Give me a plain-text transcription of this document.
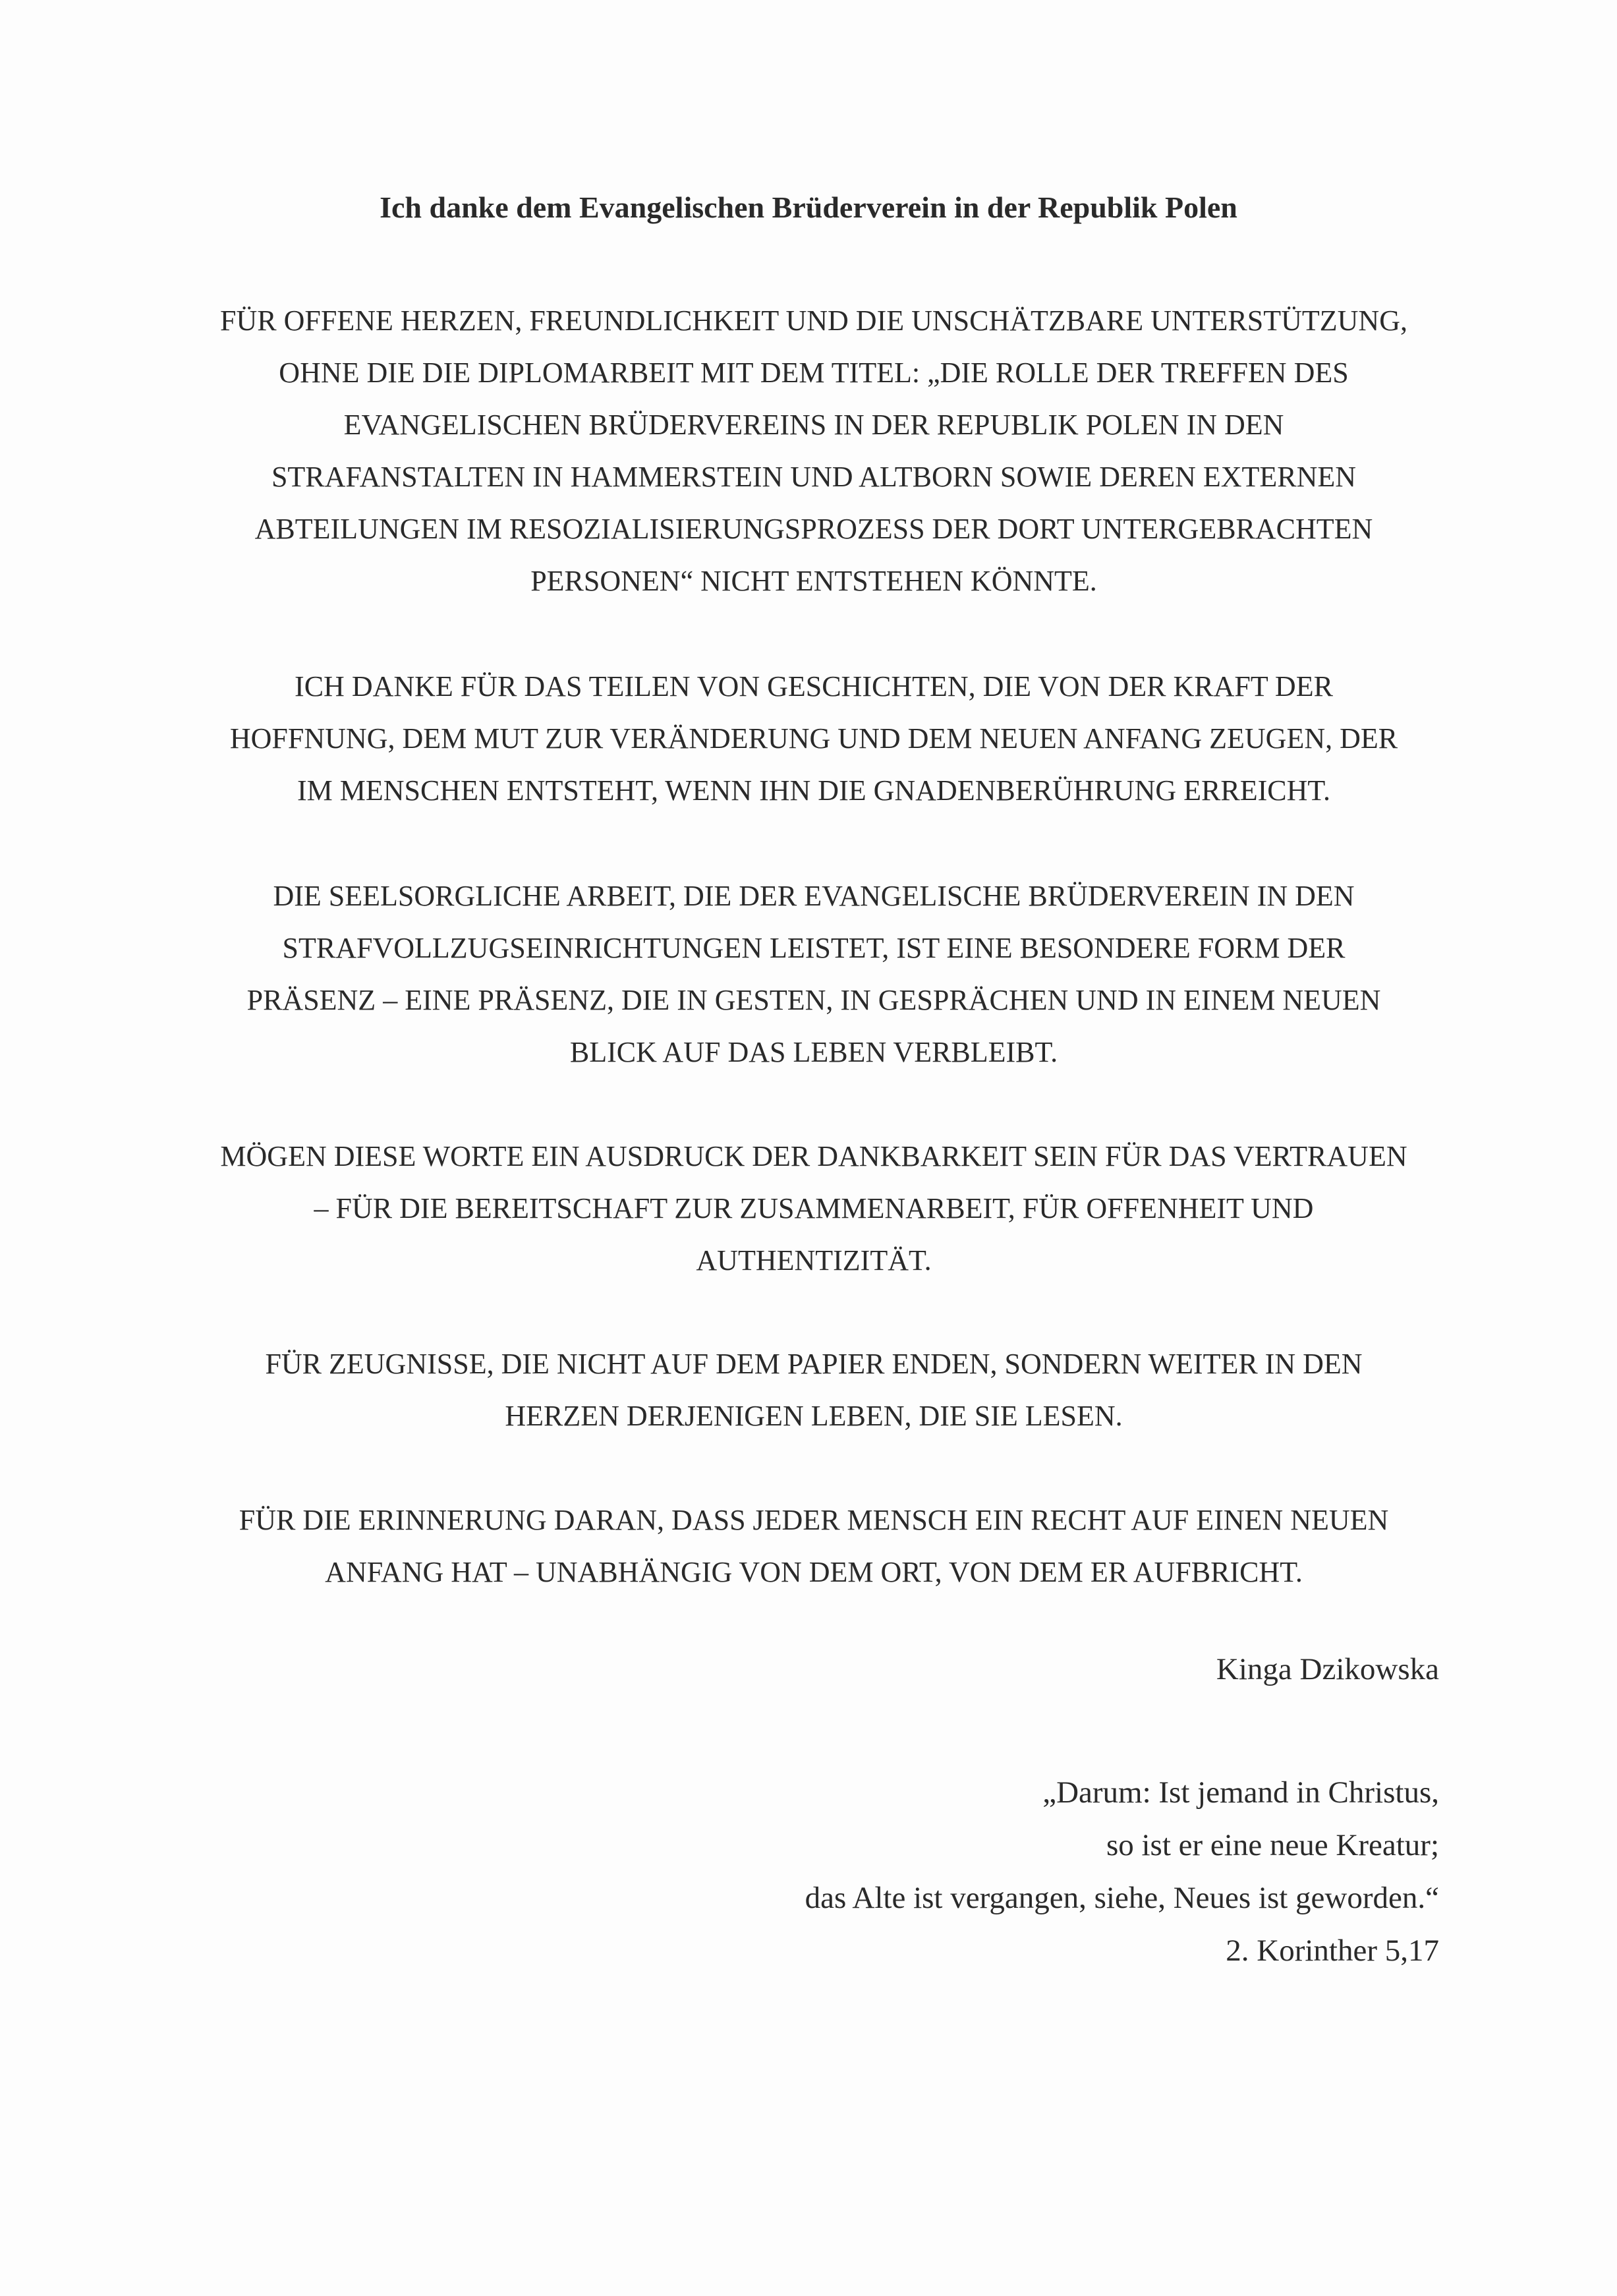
Ich danke dem Evangelischen Brüderverein in der Republik Polen

FÜR OFFENE HERZEN, FREUNDLICHKEIT UND DIE UNSCHÄTZBARE UNTERSTÜTZUNG,
OHNE DIE DIE DIPLOMARBEIT MIT DEM TITEL: „DIE ROLLE DER TREFFEN DES
EVANGELISCHEN BRÜDERVEREINS IN DER REPUBLIK POLEN IN DEN
STRAFANSTALTEN IN HAMMERSTEIN UND ALTBORN SOWIE DEREN EXTERNEN
ABTEILUNGEN IM RESOZIALISIERUNGSPROZESS DER DORT UNTERGEBRACHTEN
PERSONEN“ NICHT ENTSTEHEN KÖNNTE.

ICH DANKE FÜR DAS TEILEN VON GESCHICHTEN, DIE VON DER KRAFT DER
HOFFNUNG, DEM MUT ZUR VERÄNDERUNG UND DEM NEUEN ANFANG ZEUGEN, DER
IM MENSCHEN ENTSTEHT, WENN IHN DIE GNADENBERÜHRUNG ERREICHT.

DIE SEELSORGLICHE ARBEIT, DIE DER EVANGELISCHE BRÜDERVEREIN IN DEN
STRAFVOLLZUGSEINRICHTUNGEN LEISTET, IST EINE BESONDERE FORM DER
PRÄSENZ – EINE PRÄSENZ, DIE IN GESTEN, IN GESPRÄCHEN UND IN EINEM NEUEN
BLICK AUF DAS LEBEN VERBLEIBT.

MÖGEN DIESE WORTE EIN AUSDRUCK DER DANKBARKEIT SEIN FÜR DAS VERTRAUEN
– FÜR DIE BEREITSCHAFT ZUR ZUSAMMENARBEIT, FÜR OFFENHEIT UND
AUTHENTIZITÄT.

FÜR ZEUGNISSE, DIE NICHT AUF DEM PAPIER ENDEN, SONDERN WEITER IN DEN
HERZEN DERJENIGEN LEBEN, DIE SIE LESEN.

FÜR DIE ERINNERUNG DARAN, DASS JEDER MENSCH EIN RECHT AUF EINEN NEUEN
ANFANG HAT – UNABHÄNGIG VON DEM ORT, VON DEM ER AUFBRICHT.

Kinga Dzikowska

„Darum: Ist jemand in Christus,
so ist er eine neue Kreatur;
das Alte ist vergangen, siehe, Neues ist geworden.“
2. Korinther 5,17
